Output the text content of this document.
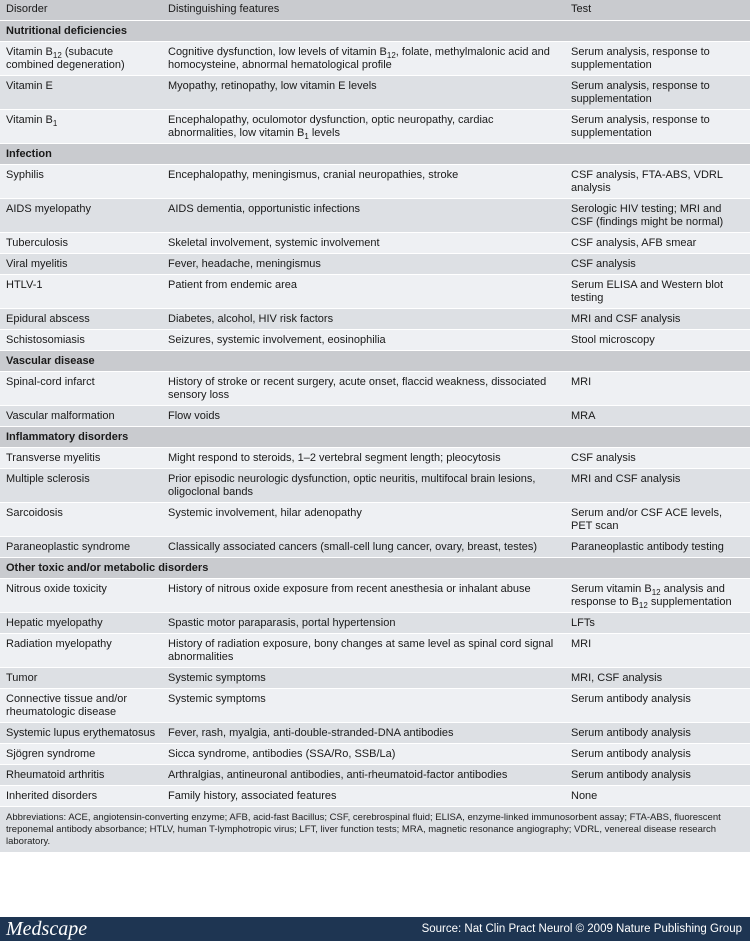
Disorder	Distinguishing features	Test
Nutritional deficiencies		
Vitamin $B_{12}$ (subacute combined degeneration)	Cognitive dysfunction, low levels of vitamin $B_{12}$, folate, methylmalonic acid and homocysteine, abnormal hematological profile	Serum analysis, response to supplementation
Vitamin E	Myopathy, retinopathy, low vitamin E levels	Serum analysis, response to supplementation
Vitamin $B_1$	Encephalopathy, oculomotor dysfunction, optic neuropathy, cardiac abnormalities, low vitamin $B_1$ levels	Serum analysis, response to supplementation
Infection		
Syphilis	Encephalopathy, meningismus, cranial neuropathies, stroke	CSF analysis, FTA-ABS, VDRL analysis
AIDS myelopathy	AIDS dementia, opportunistic infections	Serologic HIV testing; MRI and CSF (findings might be normal)
Tuberculosis	Skeletal involvement, systemic involvement	CSF analysis, AFB smear
Viral myelitis	Fever, headache, meningismus	CSF analysis
HTLV-1	Patient from endemic area	Serum ELISA and Western blot testing
Epidural abscess	Diabetes, alcohol, HIV risk factors	MRI and CSF analysis
Schistosomiasis	Seizures, systemic involvement, eosinophilia	Stool microscopy
Vascular disease		
Spinal-cord infarct	History of stroke or recent surgery, acute onset, flaccid weakness, dissociated sensory loss	MRI
Vascular malformation	Flow voids	MRA
Inflammatory disorders		
Transverse myelitis	Might respond to steroids, 1–2 vertebral segment length; pleocytosis	CSF analysis
Multiple sclerosis	Prior episodic neurologic dysfunction, optic neuritis, multifocal brain lesions, oligoclonal bands	MRI and CSF analysis
Sarcoidosis	Systemic involvement, hilar adenopathy	Serum and/or CSF ACE levels, PET scan
Paraneoplastic syndrome	Classically associated cancers (small-cell lung cancer, ovary, breast, testes)	Paraneoplastic antibody testing
Other toxic and/or metabolic disorders		
Nitrous oxide toxicity	History of nitrous oxide exposure from recent anesthesia or inhalant abuse	Serum vitamin $B_{12}$ analysis and response to $B_{12}$ supplementation
Hepatic myelopathy	Spastic motor paraparasis, portal hypertension	LFTs
Radiation myelopathy	History of radiation exposure, bony changes at same level as spinal cord signal abnormalities	MRI
Tumor	Systemic symptoms	MRI, CSF analysis
Connective tissue and/or rheumatologic disease	Systemic symptoms	Serum antibody analysis
Systemic lupus erythematosus	Fever, rash, myalgia, anti-double-stranded-DNA antibodies	Serum antibody analysis
Sjögren syndrome	Sicca syndrome, antibodies (SSA/Ro, SSB/La)	Serum antibody analysis
Rheumatoid arthritis	Arthralgias, antineuronal antibodies, anti-rheumatoid-factor antibodies	Serum antibody analysis
Inherited disorders	Family history, associated features	None
Abbreviations: ACE, angiotensin-converting enzyme; AFB, acid-fast Bacillus; CSF, cerebrospinal fluid; ELISA, enzyme-linked immunosorbent assay; FTA-ABS, fluorescent treponemal antibody absorbance; HTLV, human T-lymphotropic virus; LFT, liver function tests; MRA, magnetic resonance angiography; VDRL, venereal disease research laboratory.
Medscape	Source: Nat Clin Pract Neurol © 2009 Nature Publishing Group
